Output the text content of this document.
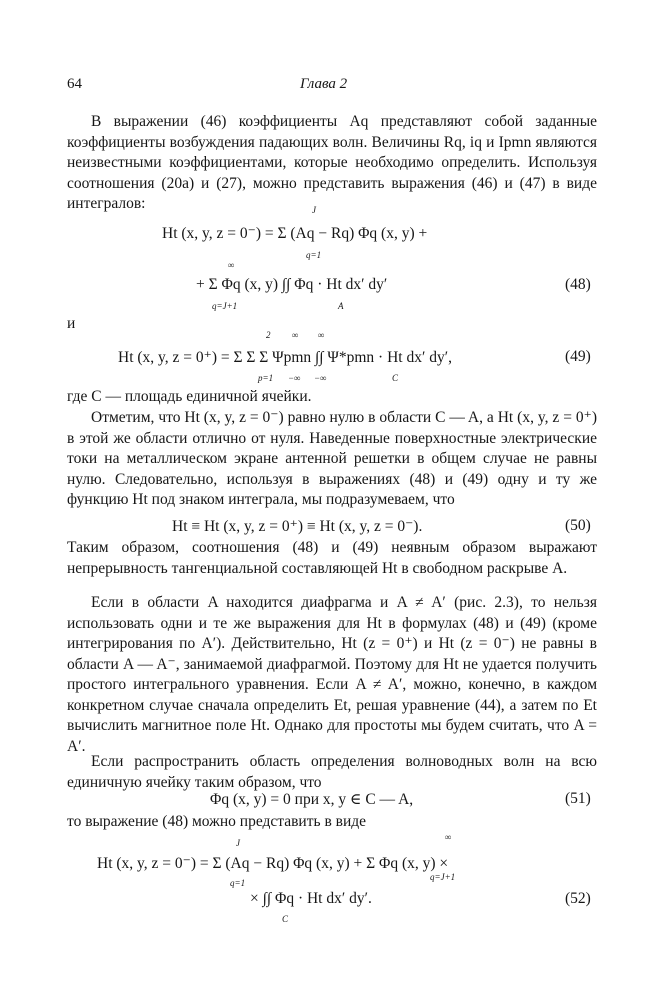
64	Глава 2

В выражении (46) коэффициенты Aq представляют собой заданные коэффициенты возбуждения падающих волн. Величины Rq, iq и Ipmn являются неизвестными коэффициентами, которые необходимо определить. Используя соотношения (20а) и (27), можно представить выражения (46) и (47) в виде интегралов:	J
Ht (x, y, z = 0⁻) = Σ (Aq − Rq) Φq (x, y) +
q=1
∞
+ Σ Φq (x, y) ∫∫ Φq · Ht dx′ dy′
q=J+1	A
(48)

и

2 ∞ ∞
Ht (x, y, z = 0⁺) = Σ Σ Σ Ψpmn ∫∫ Ψ*pmn · Ht dx′ dy′,
p=1 −∞ −∞	C
(49)

где C — площадь единичной ячейки.

Отметим, что Ht (x, y, z = 0⁻) равно нулю в области C — A, а Ht (x, y, z = 0⁺) в этой же области отлично от нуля. Наведенные поверхностные электрические токи на металлическом экране антенной решетки в общем случае не равны нулю. Следовательно, используя в выражениях (48) и (49) одну и ту же функцию Ht под знаком интеграла, мы подразумеваем, что

Ht ≡ Ht (x, y, z = 0⁺) ≡ Ht (x, y, z = 0⁻).	(50)

Таким образом, соотношения (48) и (49) неявным образом выражают непрерывность тангенциальной составляющей Ht в свободном раскрыве A.

Если в области A находится диафрагма и A ≠ A′ (рис. 2.3), то нельзя использовать одни и те же выражения для Ht в формулах (48) и (49) (кроме интегрирования по A′). Действительно, Ht (z = 0⁺) и Ht (z = 0⁻) не равны в области A — A⁻, занимаемой диафрагмой. Поэтому для Ht не удается получить простого интегрального уравнения. Если A ≠ A′, можно, конечно, в каждом конкретном случае сначала определить Et, решая уравнение (44), а затем по Et вычислить магнитное поле Ht. Однако для простоты мы будем считать, что A = A′.

Если распространить область определения волноводных волн на всю единичную ячейку таким образом, что

Φq (x, y) = 0 при x, y ∈ C — A,	(51)

то выражение (48) можно представить в виде

J
∞
Ht (x, y, z = 0⁻) = Σ (Aq − Rq) Φq (x, y) + Σ Φq (x, y) ×
q=1
q=J+1
× ∫∫ Φq · Ht dx′ dy′.
C
(52)
